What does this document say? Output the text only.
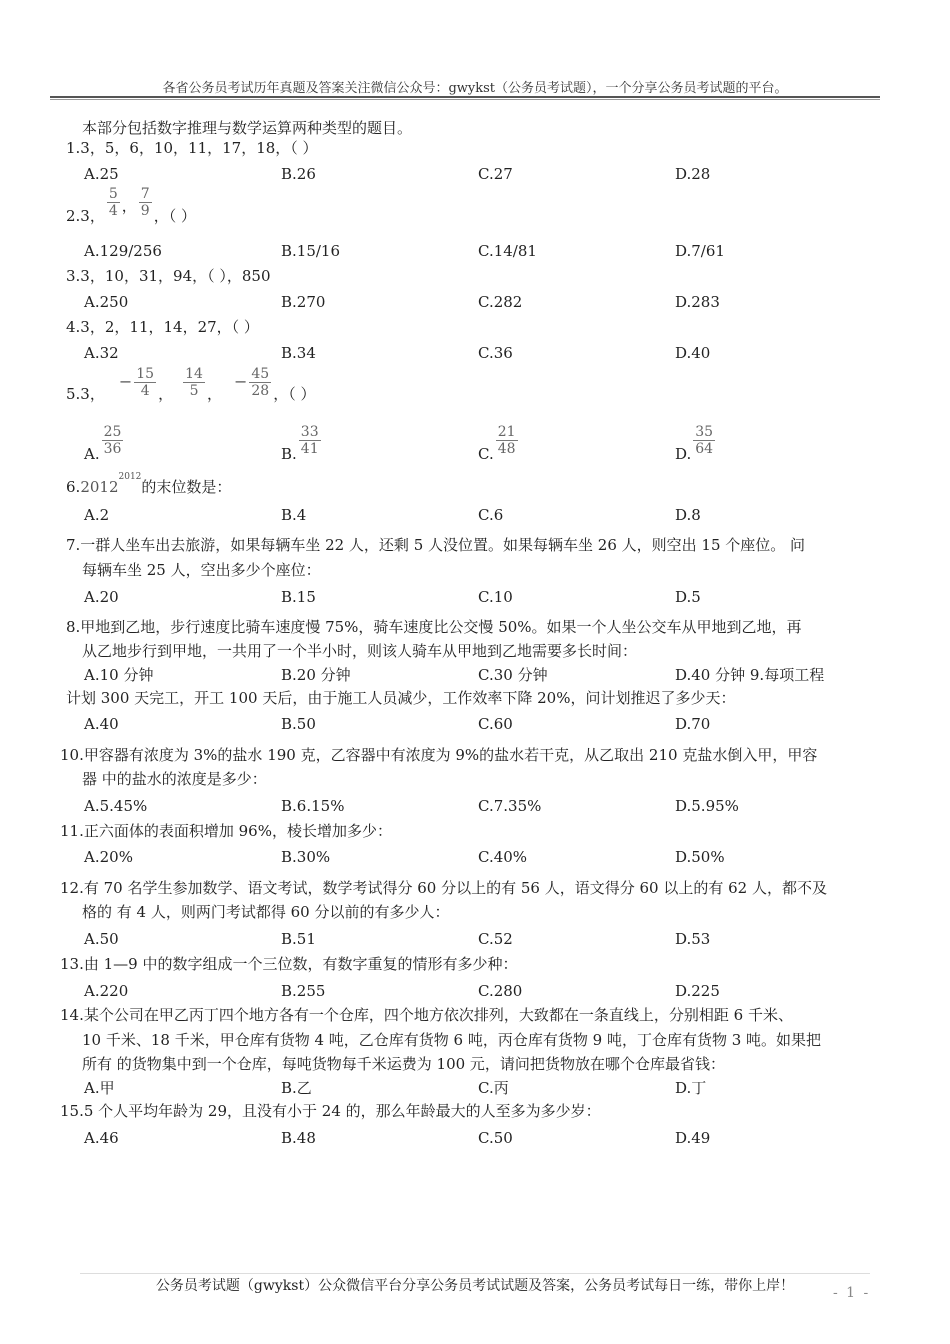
各省公务员考试历年真题及答案关注微信公众号：gwykst（公务员考试题），一个分享公务员考试题的平台。
本部分包括数字推理与数学运算两种类型的题目。
1.3，5，6，10，11，17，18，（ ）
A.25	B.26	C.27	D.28
2.3， $\frac{5}{4}$ ， $\frac{7}{9}$ ，（ ）
A.129/256	B.15/16	C.14/81	D.7/61
3.3，10，31，94，（ ），850
A.250	B.270	C.282	D.283
4.3，2，11，14，27，（ ）
A.32	B.34	C.36	D.40
5.3，− $\frac{15}{4}$ ， $\frac{14}{5}$ ，− $\frac{45}{28}$ ，（ ）
A. $\frac{25}{36}$	B. $\frac{33}{41}$	C. $\frac{21}{48}$	D. $\frac{35}{64}$
$6.2012^{2012}$的末位数是：
A.2	B.4	C.6	D.8
7.一群人坐车出去旅游，如果每辆车坐 22 人，还剩 5 人没位置。如果每辆车坐 26 人，则空出 15 个座位。 问
每辆车坐 25 人，空出多少个座位：
A.20	B.15	C.10	D.5
8.甲地到乙地，步行速度比骑车速度慢 75%，骑车速度比公交慢 50%。如果一个人坐公交车从甲地到乙地，再
从乙地步行到甲地，一共用了一个半小时，则该人骑车从甲地到乙地需要多长时间：
A.10 分钟	B.20 分钟	C.30 分钟	D.40 分钟 9.每项工程
计划 300 天完工，开工 100 天后，由于施工人员减少，工作效率下降 20%，问计划推迟了多少天：
A.40	B.50	C.60	D.70
10.甲容器有浓度为 3%的盐水 190 克，乙容器中有浓度为 9%的盐水若干克，从乙取出 210 克盐水倒入甲，甲容
器 中的盐水的浓度是多少：
A.5.45%	B.6.15%	C.7.35%	D.5.95%
11.正六面体的表面积增加 96%，棱长增加多少：
A.20%	B.30%	C.40%	D.50%
12.有 70 名学生参加数学、语文考试，数学考试得分 60 分以上的有 56 人，语文得分 60 以上的有 62 人，都不及
格的 有 4 人，则两门考试都得 60 分以前的有多少人：
A.50	B.51	C.52	D.53
13.由 1—9 中的数字组成一个三位数，有数字重复的情形有多少种：
A.220	B.255	C.280	D.225
14.某个公司在甲乙丙丁四个地方各有一个仓库，四个地方依次排列，大致都在一条直线上，分别相距 6 千米、
10 千米、18 千米，甲仓库有货物 4 吨，乙仓库有货物 6 吨，丙仓库有货物 9 吨，丁仓库有货物 3 吨。如果把
所有 的货物集中到一个仓库，每吨货物每千米运费为 100 元，请问把货物放在哪个仓库最省钱：
A.甲	B.乙	C.丙	D.丁
15.5 个人平均年龄为 29，且没有小于 24 的，那么年龄最大的人至多为多少岁：
A.46	B.48	C.50	D.49
公务员考试题（gwykst）公众微信平台分享公务员考试试题及答案，公务员考试每日一练，带你上岸！	- 1 -
